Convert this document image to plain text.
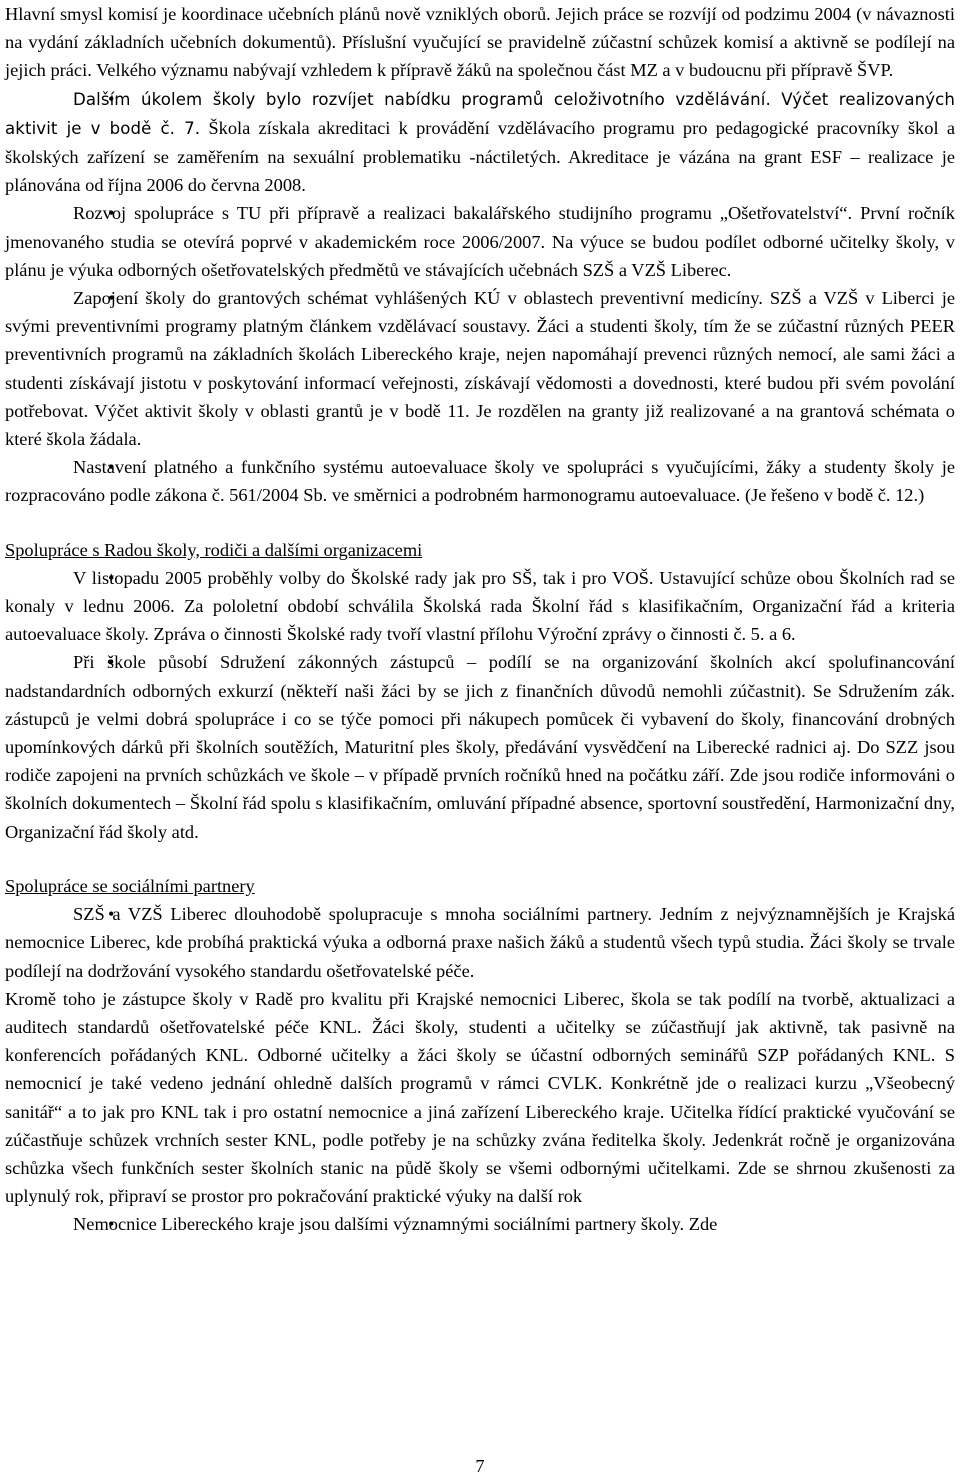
Hlavní smysl komisí je koordinace učebních plánů nově vzniklých oborů. Jejich práce se rozvíjí od podzimu 2004 (v návaznosti na vydání základních učebních dokumentů). Příslušní vyučující se pravidelně zúčastní schůzek komisí a aktivně se podílejí na jejich práci. Velkého významu nabývají vzhledem k přípravě žáků na společnou část MZ a v budoucnu při přípravě ŠVP.

• Dalším úkolem školy bylo rozvíjet nabídku programů celoživotního vzdělávání. Výčet realizovaných aktivit je v bodě č. 7. Škola získala akreditaci k provádění vzdělávacího programu pro pedagogické pracovníky škol a školských zařízení se zaměřením na sexuální problematiku -náctiletých. Akreditace je vázána na grant ESF – realizace je plánována od října 2006 do června 2008.

• Rozvoj spolupráce s TU při přípravě a realizaci bakalářského studijního programu „Ošetřovatelství“. První ročník jmenovaného studia se otevírá poprvé v akademickém roce 2006/2007. Na výuce se budou podílet odborné učitelky školy, v plánu je výuka odborných ošetřovatelských předmětů ve stávajících učebnách SZŠ a VZŠ Liberec.

• Zapojení školy do grantových schémat vyhlášených KÚ v oblastech preventivní medicíny. SZŠ a VZŠ v Liberci je svými preventivními programy platným článkem vzdělávací soustavy. Žáci a studenti školy, tím že se zúčastní různých PEER preventivních programů na základních školách Libereckého kraje, nejen napomáhají prevenci různých nemocí, ale sami žáci a studenti získávají jistotu v poskytování informací veřejnosti, získávají vědomosti a dovednosti, které budou při svém povolání potřebovat. Výčet aktivit školy v oblasti grantů je v bodě 11. Je rozdělen na granty již realizované a na grantová schémata o které škola žádala.

• Nastavení platného a funkčního systému autoevaluace školy ve spolupráci s vyučujícími, žáky a studenty školy je rozpracováno podle zákona č. 561/2004 Sb. ve směrnici a podrobném harmonogramu autoevaluace. (Je řešeno v bodě č. 12.)

Spolupráce s Radou školy, rodiči a dalšími organizacemi

• V listopadu 2005 proběhly volby do Školské rady jak pro SŠ, tak i pro VOŠ. Ustavující schůze obou Školních rad se konaly v lednu 2006. Za pololetní období schválila Školská rada Školní řád s klasifikačním, Organizační řád a kriteria autoevaluace školy. Zpráva o činnosti Školské rady tvoří vlastní přílohu Výroční zprávy o činnosti č. 5. a 6.

• Při škole působí Sdružení zákonných zástupců – podílí se na organizování školních akcí spolufinancování nadstandardních odborných exkurzí (někteří naši žáci by se jich z finančních důvodů nemohli zúčastnit). Se Sdružením zák. zástupců je velmi dobrá spolupráce i co se týče pomoci při nákupech pomůcek či vybavení do školy, financování drobných upomínkových dárků při školních soutěžích, Maturitní ples školy, předávání vysvědčení na Liberecké radnici aj. Do SZZ jsou rodiče zapojeni na prvních schůzkách ve škole – v případě prvních ročníků hned na počátku září. Zde jsou rodiče informováni o školních dokumentech – Školní řád spolu s klasifikačním, omluvání případné absence, sportovní soustředění, Harmonizační dny, Organizační řád školy atd.

Spolupráce se sociálními partnery

• SZŠ a VZŠ Liberec dlouhodobě spolupracuje s mnoha sociálními partnery. Jedním z nejvýznamnějších je Krajská nemocnice Liberec, kde probíhá praktická výuka a odborná praxe našich žáků a studentů všech typů studia. Žáci školy se trvale podílejí na dodržování vysokého standardu ošetřovatelské péče.

Kromě toho je zástupce školy v Radě pro kvalitu při Krajské nemocnici Liberec, škola se tak podílí na tvorbě, aktualizaci a auditech standardů ošetřovatelské péče KNL. Žáci školy, studenti a učitelky se zúčastňují jak aktivně, tak pasivně na konferencích pořádaných KNL. Odborné učitelky a žáci školy se účastní odborných seminářů SZP pořádaných KNL. S nemocnicí je také vedeno jednání ohledně dalších programů v rámci CVLK. Konkrétně jde o realizaci kurzu „Všeobecný sanitář“ a to jak pro KNL tak i pro ostatní nemocnice a jiná zařízení Libereckého kraje. Učitelka řídící praktické vyučování se zúčastňuje schůzek vrchních sester KNL, podle potřeby je na schůzky zvána ředitelka školy. Jedenkrát ročně je organizována schůzka všech funkčních sester školních stanic na půdě školy se všemi odbornými učitelkami. Zde se shrnou zkušenosti za uplynulý rok, připraví se prostor pro pokračování praktické výuky na další rok

• Nemocnice Libereckého kraje jsou dalšími významnými sociálními partnery školy. Zde

7
